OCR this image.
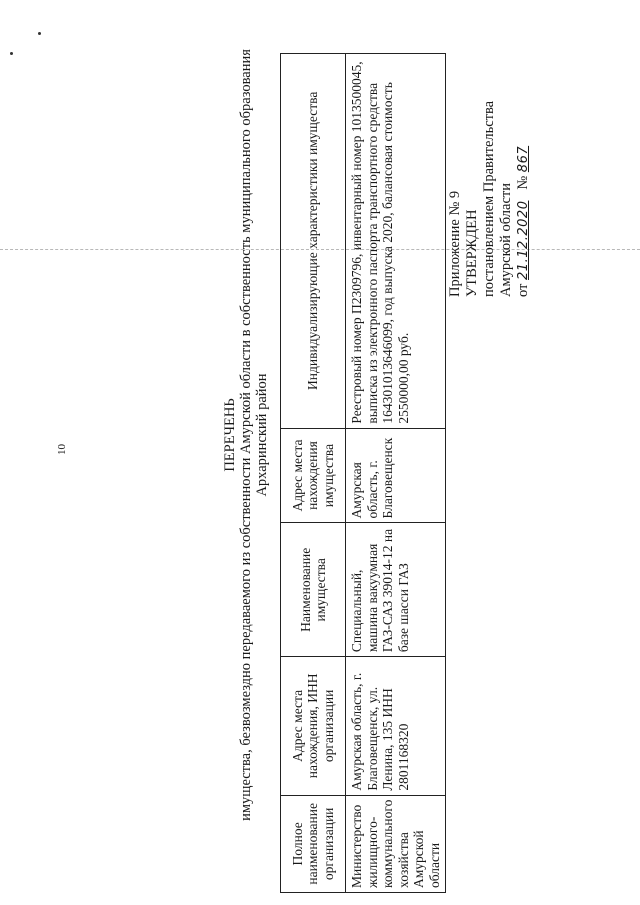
10
Приложение № 9 УТВЕРЖДЕН постановлением Правительства Амурской области от 21.12.2020   № 867
ПЕРЕЧЕНЬ имущества, безвозмездно передаваемого из собственности Амурской области в собственность муниципального образования Архаринский район
Полное наименование организации	Адрес места нахождения, ИНН организации	Наименование имущества	Адрес места нахождения имущества	Индивидуализирующие характеристики имущества
Министерство жилищного-коммунального хозяйства Амурской области	Амурская область, г. Благовещенск, ул. Ленина, 135 ИНН 2801168320	Специальный, машина вакуумная ГАЗ-САЗ 39014-12 на базе шасси ГАЗ	Амурская область, г. Благовещенск	Реестровый номер П2309796, инвентарный номер 1013500045, выписка из электронного паспорта транспортного средства 164301013646099, год выпуска 2020, балансовая стоимость 2550000,00 руб.
